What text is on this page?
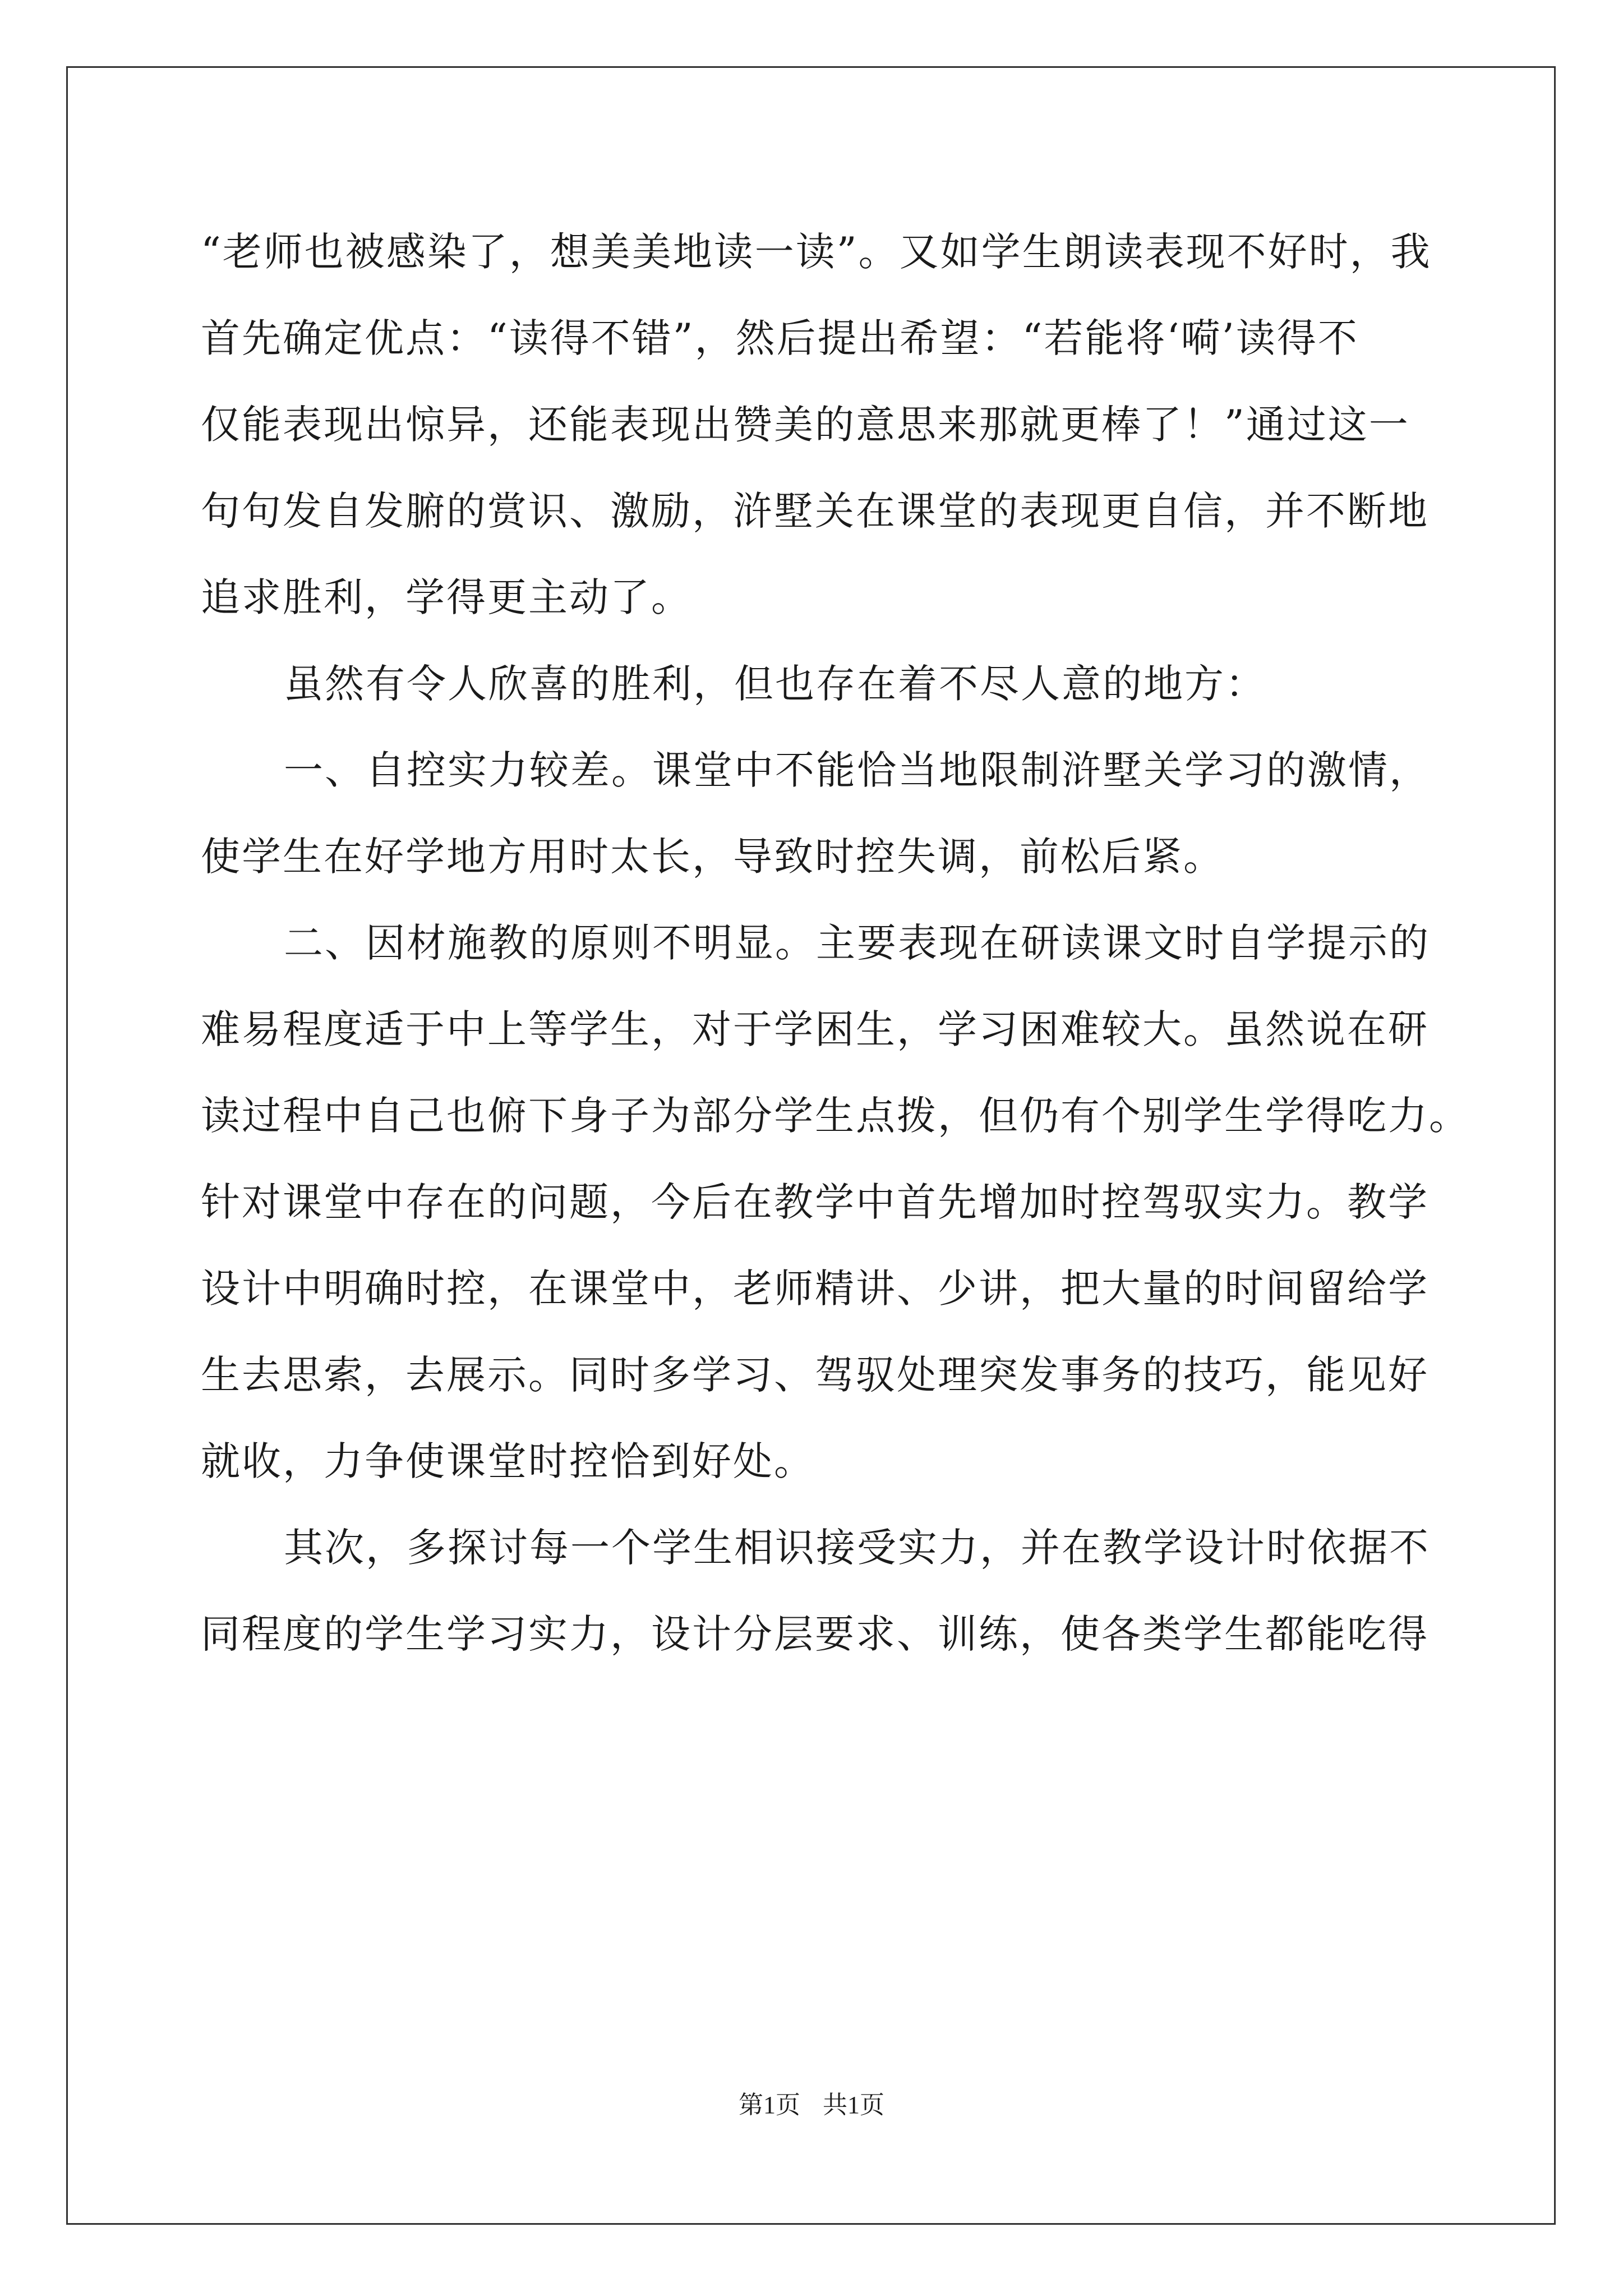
“老师也被感染了，想美美地读一读”。又如学生朗读表现不好时，我
首先确定优点：“读得不错”，然后提出希望：“若能将‘嗬’读得不
仅能表现出惊异，还能表现出赞美的意思来那就更棒了！”通过这一
句句发自发腑的赏识、激励，浒墅关在课堂的表现更自信，并不断地
追求胜利，学得更主动了。
虽然有令人欣喜的胜利，但也存在着不尽人意的地方：
一、自控实力较差。课堂中不能恰当地限制浒墅关学习的激情，
使学生在好学地方用时太长，导致时控失调，前松后紧。
二、因材施教的原则不明显。主要表现在研读课文时自学提示的
难易程度适于中上等学生，对于学困生，学习困难较大。虽然说在研
读过程中自己也俯下身子为部分学生点拨，但仍有个别学生学得吃力。
针对课堂中存在的问题，今后在教学中首先增加时控驾驭实力。教学
设计中明确时控，在课堂中，老师精讲、少讲，把大量的时间留给学
生去思索，去展示。同时多学习、驾驭处理突发事务的技巧，能见好
就收，力争使课堂时控恰到好处。
其次，多探讨每一个学生相识接受实力，并在教学设计时依据不
同程度的学生学习实力，设计分层要求、训练，使各类学生都能吃得
第1页 共1页
